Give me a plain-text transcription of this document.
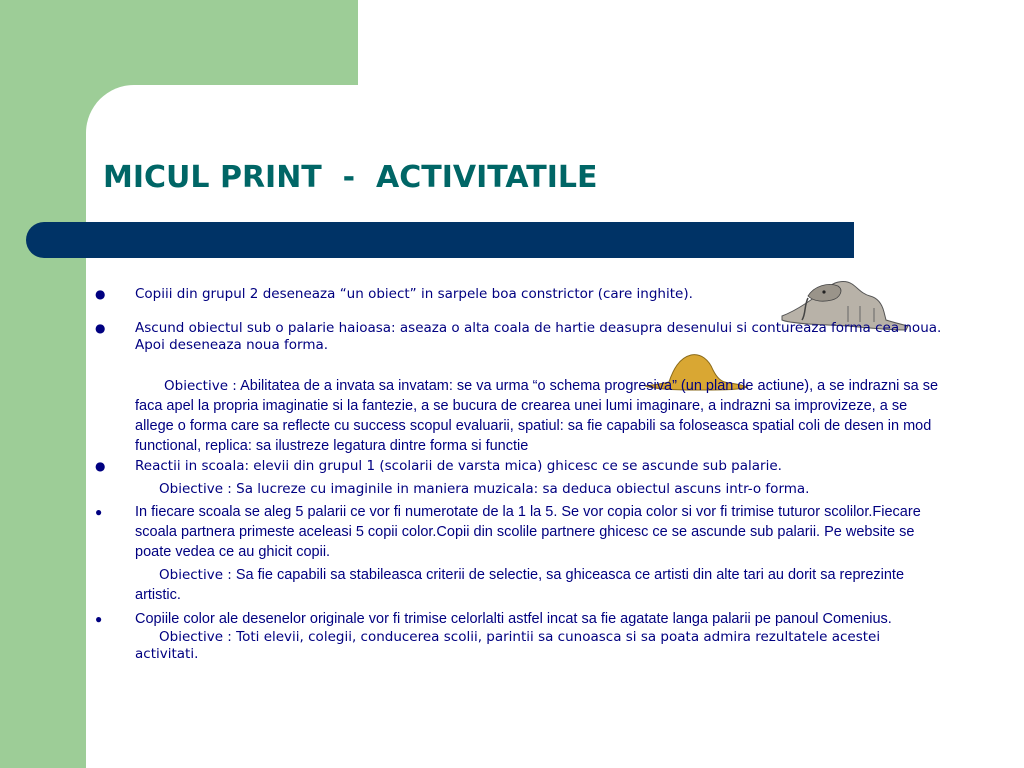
MICUL PRINT  -  ACTIVITATILE
● Copiii din grupul 2 deseneaza “un obiect” in sarpele boa constrictor (care inghite).
● Ascund obiectul sub o palarie haioasa: aseaza o alta coala de hartie deasupra desenului si contureaza forma cea noua. Apoi deseneaza noua forma.
Obiective : Abilitatea de a invata sa invatam: se va urma “o schema progresiva” (un plan de actiune), a se indrazni sa se faca apel la propria imaginatie si la fantezie, a se bucura de crearea unei lumi imaginare, a indrazni sa improvizeze, a se allege o forma care sa reflecte cu success scopul evaluarii, spatiul: sa fie capabili sa foloseasca spatial coli de desen in mod functional, replica: sa ilustreze legatura dintre forma si functie
● Reactii in scoala: elevii din grupul 1 (scolarii de varsta mica) ghicesc ce se ascunde sub palarie.
Obiective : Sa lucreze cu imaginile in maniera muzicala: sa deduca obiectul ascuns intr-o forma.
●	In fiecare scoala se aleg 5 palarii ce vor fi numerotate de la 1 la 5. Se vor copia color si vor fi trimise tuturor scolilor.Fiecare scoala partnera primeste aceleasi 5 copii color.Copii din scolile partnere ghicesc ce se ascunde sub palarii. Pe website se poate vedea ce au ghicit copii.
Obiective : Sa fie capabili sa stabileasca criterii de selectie, sa ghiceasca ce artisti din alte tari au dorit sa reprezinte artistic.
●	Copiile color ale desenelor originale vor fi trimise celorlalti astfel incat sa fie agatate langa palarii pe panoul Comenius.
Obiective : Toti elevii, colegii, conducerea scolii, parintii sa cunoasca si sa poata admira rezultatele acestei activitati.
